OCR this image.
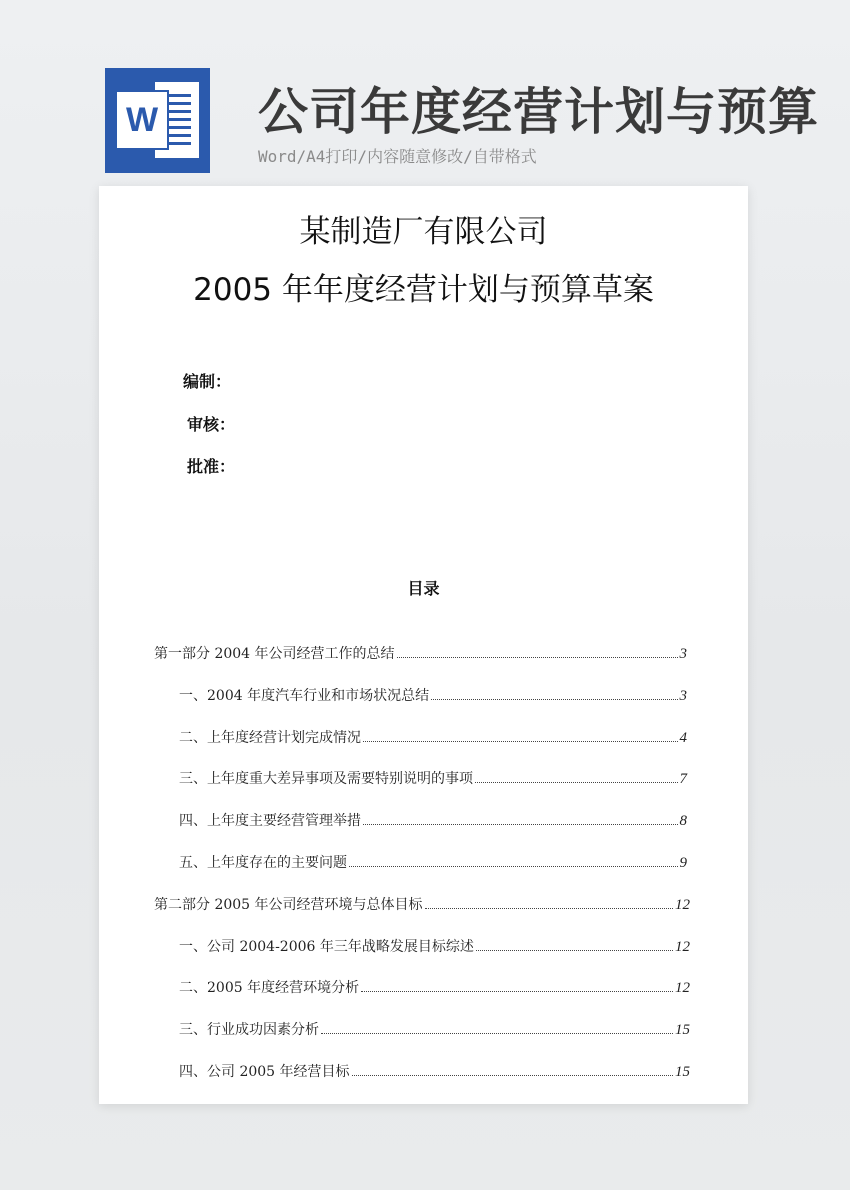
W 公司年度经营计划与预算
Word/A4打印/内容随意修改/自带格式
某制造厂有限公司
2005 年年度经营计划与预算草案
编制：
审核：
批准：
目录
第一部分 2004 年公司经营工作的总结	3
一、2004 年度汽车行业和市场状况总结	3
二、上年度经营计划完成情况	4
三、上年度重大差异事项及需要特别说明的事项	7
四、上年度主要经营管理举措	8
五、上年度存在的主要问题	9
第二部分 2005 年公司经营环境与总体目标	12
一、公司 2004-2006 年三年战略发展目标综述	12
二、2005 年度经营环境分析	12
三、行业成功因素分析	15
四、公司 2005 年经营目标	15
